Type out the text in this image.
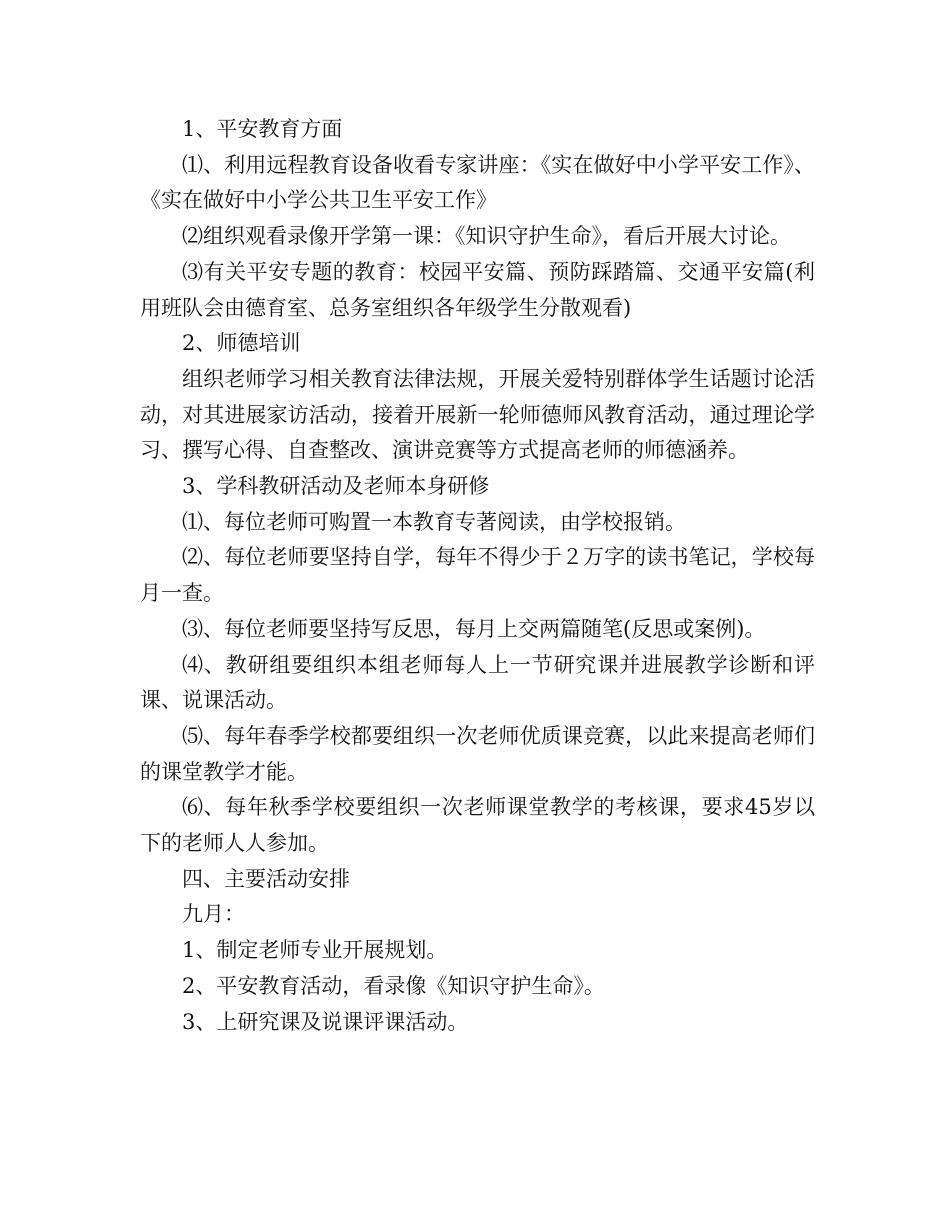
1、平安教育方面

⑴、利用远程教育设备收看专家讲座：《实在做好中小学平安工作》、《实在做好中小学公共卫生平安工作》

⑵组织观看录像开学第一课：《知识守护生命》，看后开展大讨论。

⑶有关平安专题的教育：校园平安篇、预防踩踏篇、交通平安篇(利用班队会由德育室、总务室组织各年级学生分散观看)

2、师德培训

组织老师学习相关教育法律法规，开展关爱特别群体学生话题讨论活动，对其进展家访活动，接着开展新一轮师德师风教育活动，通过理论学习、撰写心得、自查整改、演讲竞赛等方式提高老师的师德涵养。

3、学科教研活动及老师本身研修

⑴、每位老师可购置一本教育专著阅读，由学校报销。

⑵、每位老师要坚持自学，每年不得少于２万字的读书笔记，学校每月一查。

⑶、每位老师要坚持写反思，每月上交两篇随笔(反思或案例)。

⑷、教研组要组织本组老师每人上一节研究课并进展教学诊断和评课、说课活动。

⑸、每年春季学校都要组织一次老师优质课竞赛，以此来提高老师们的课堂教学才能。

⑹、每年秋季学校要组织一次老师课堂教学的考核课，要求45岁以下的老师人人参加。

四、主要活动安排

九月：

1、制定老师专业开展规划。

2、平安教育活动，看录像《知识守护生命》。

3、上研究课及说课评课活动。
